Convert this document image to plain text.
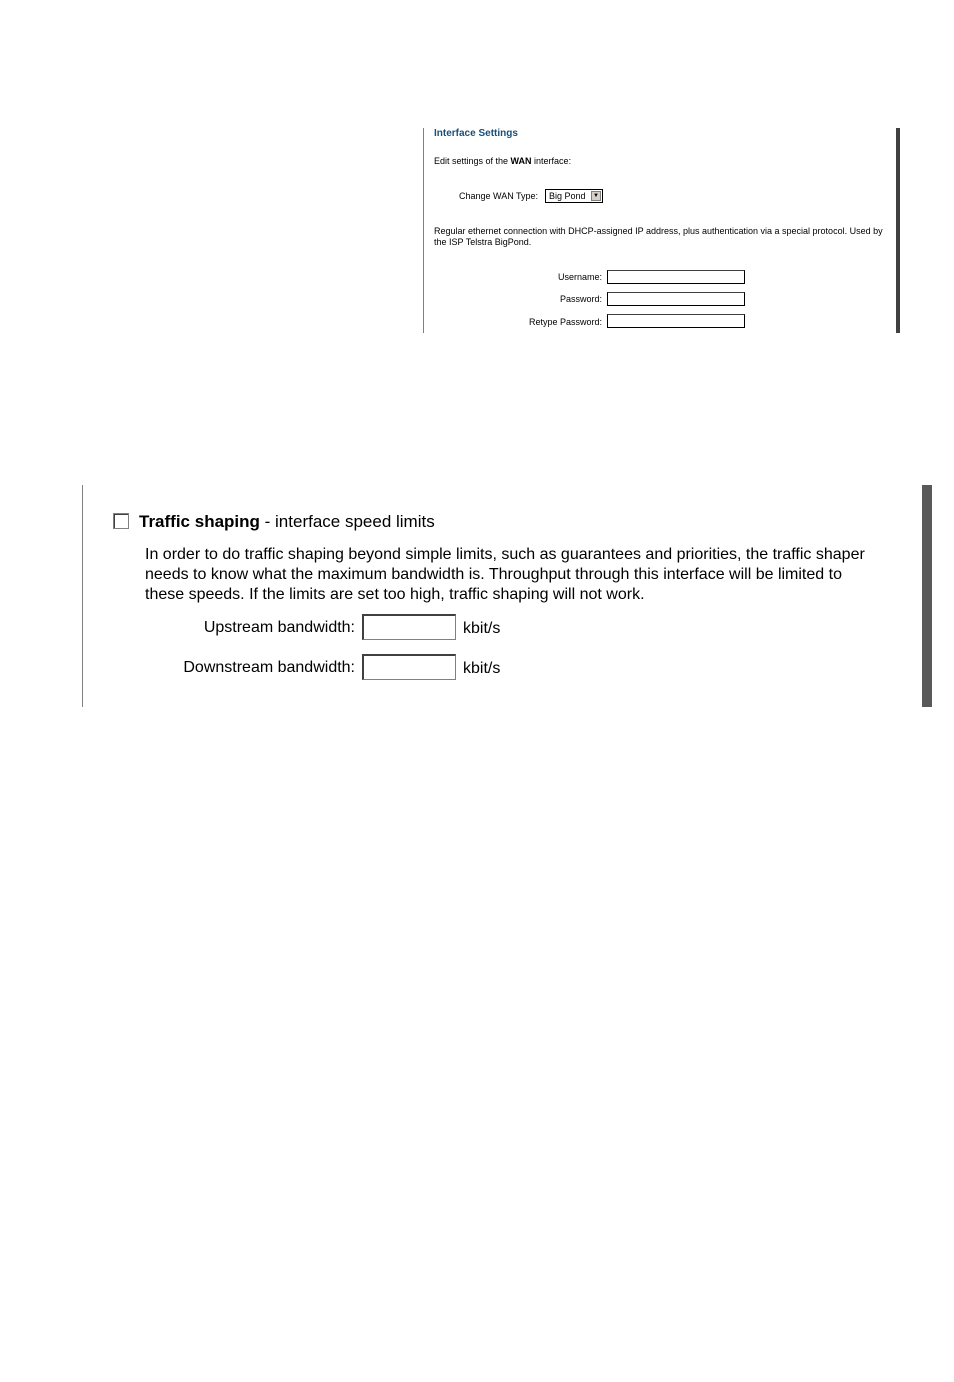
Interface Settings
Edit settings of the WAN interface:
Change WAN Type: Big Pond	▼
Regular ethernet connection with DHCP-assigned IP address, plus authentication via a special protocol. Used by the ISP Telstra BigPond.
Username:
Password:
Retype Password:
Traffic shaping - interface speed limits
In order to do traffic shaping beyond simple limits, such as guarantees and priorities, the traffic shaper needs to know what the maximum bandwidth is. Throughput through this interface will be limited to these speeds. If the limits are set too high, traffic shaping will not work.
Upstream bandwidth:	kbit/s
Downstream bandwidth:	kbit/s
